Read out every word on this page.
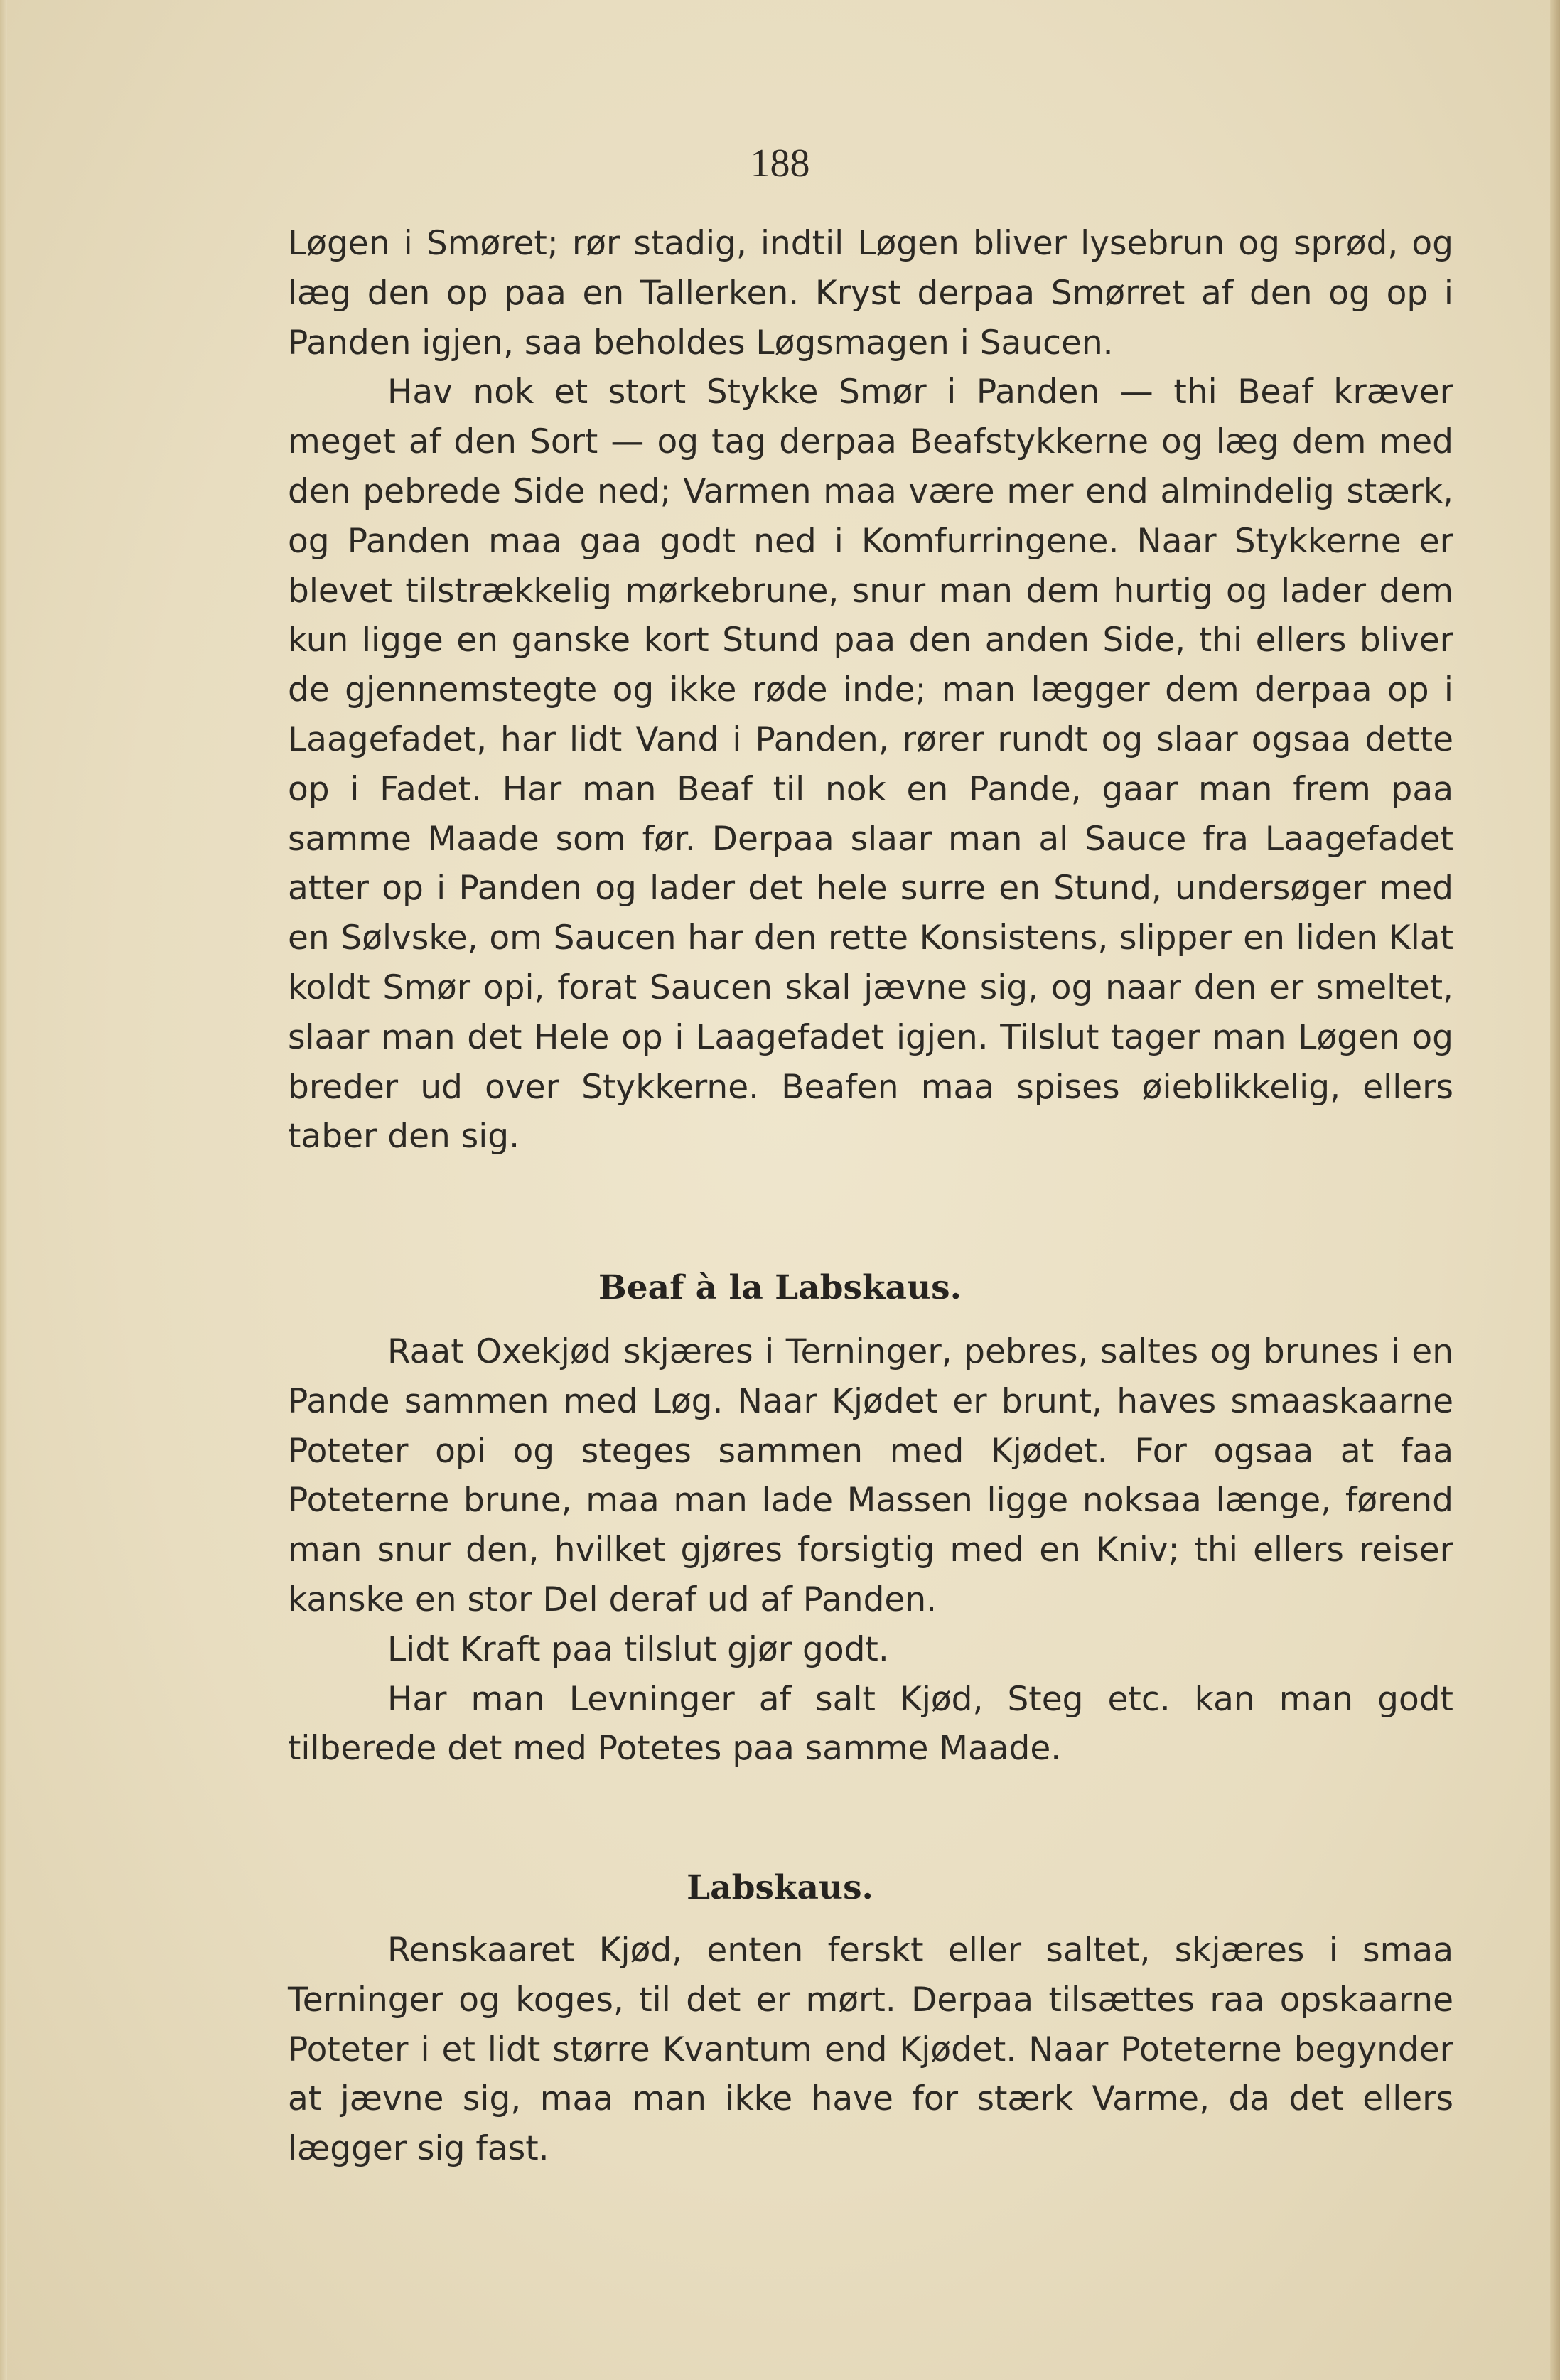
188

Løgen i Smøret; rør stadig, indtil Løgen bliver lysebrun og sprød, og læg den op paa en Tallerken. Kryst derpaa Smørret af den og op i Panden igjen, saa beholdes Løgsmagen i Saucen.

Hav nok et stort Stykke Smør i Panden — thi Beaf kræver meget af den Sort — og tag derpaa Beafstykkerne og læg dem med den pebrede Side ned; Varmen maa være mer end almindelig stærk, og Panden maa gaa godt ned i Komfurringene. Naar Stykkerne er blevet tilstrækkelig mørkebrune, snur man dem hurtig og lader dem kun ligge en ganske kort Stund paa den anden Side, thi ellers bliver de gjennemstegte og ikke røde inde; man lægger dem derpaa op i Laagefadet, har lidt Vand i Panden, rører rundt og slaar ogsaa dette op i Fadet. Har man Beaf til nok en Pande, gaar man frem paa samme Maade som før. Derpaa slaar man al Sauce fra Laagefadet atter op i Panden og lader det hele surre en Stund, undersøger med en Sølvske, om Saucen har den rette Konsistens, slipper en liden Klat koldt Smør opi, forat Saucen skal jævne sig, og naar den er smeltet, slaar man det Hele op i Laagefadet igjen. Tilslut tager man Løgen og breder ud over Stykkerne. Beafen maa spises øieblikkelig, ellers taber den sig.

Beaf à la Labskaus.

Raat Oxekjød skjæres i Terninger, pebres, saltes og brunes i en Pande sammen med Løg. Naar Kjødet er brunt, haves smaaskaarne Poteter opi og steges sammen med Kjødet. For ogsaa at faa Poteterne brune, maa man lade Massen ligge noksaa længe, førend man snur den, hvilket gjøres forsigtig med en Kniv; thi ellers reiser kanske en stor Del deraf ud af Panden.

Lidt Kraft paa tilslut gjør godt.

Har man Levninger af salt Kjød, Steg etc. kan man godt tilberede det med Potetes paa samme Maade.

Labskaus.

Renskaaret Kjød, enten ferskt eller saltet, skjæres i smaa Terninger og koges, til det er mørt. Derpaa tilsættes raa opskaarne Poteter i et lidt større Kvantum end Kjødet. Naar Poteterne begynder at jævne sig, maa man ikke have for stærk Varme, da det ellers lægger sig fast.
